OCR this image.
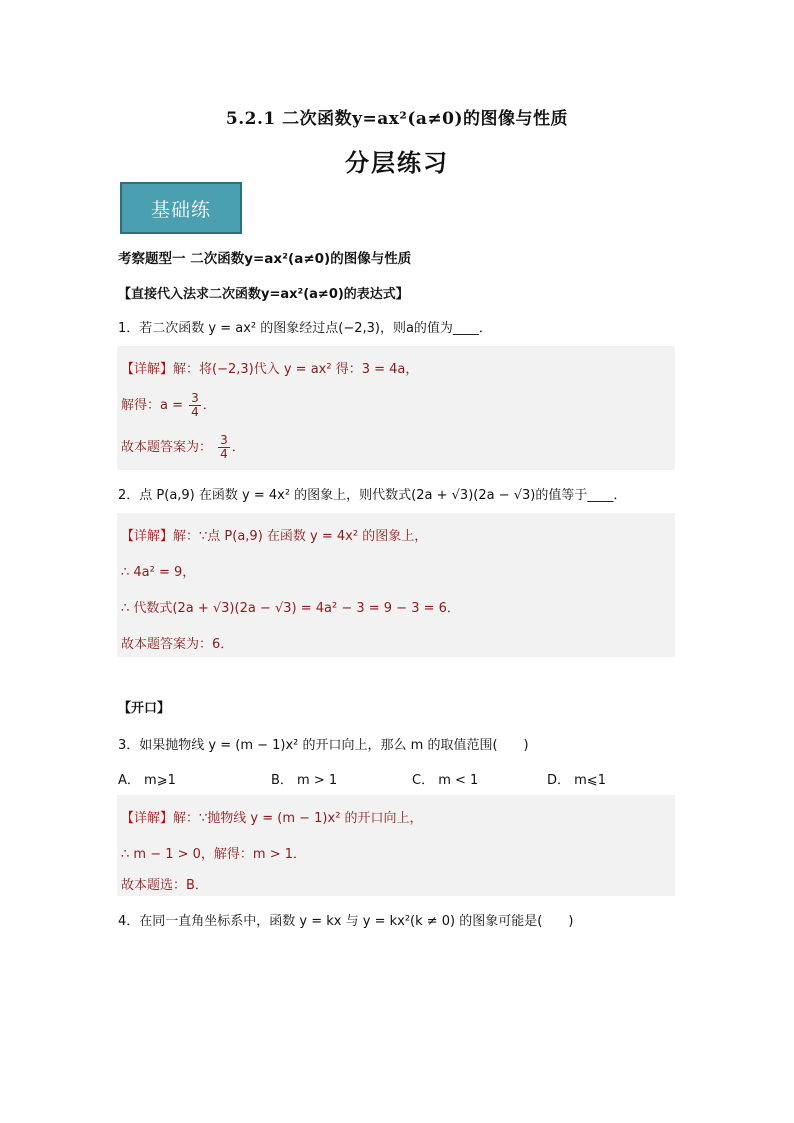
5.2.1 二次函数y=ax²(a≠0)的图像与性质
分层练习
基础练
考察题型一 二次函数y=ax²(a≠0)的图像与性质
【直接代入法求二次函数y=ax²(a≠0)的表达式】
1．若二次函数 y = ax² 的图象经过点(−2,3)，则a的值为____．
【详解】解：将(−2,3)代入 y = ax² 得：3 = 4a，
解得：$a = \frac{3}{4}$ ．
故本题答案为： $\frac{3}{4}$ ．
2．点 P(a,9) 在函数 y = 4x² 的图象上，则代数式(2a + √3)(2a − √3)的值等于____．
【详解】解：∵点 P(a,9) 在函数 y = 4x² 的图象上，
∴ 4a² = 9，
∴ 代数式(2a + √3)(2a − √3) = 4a² − 3 = 9 − 3 = 6．
故本题答案为：6．
【开口】
3．如果抛物线 y = (m − 1)x² 的开口向上，那么 m 的取值范围(　　)
A． m⩾1	B． m > 1	C． m < 1	D． m⩽1
【详解】解：∵抛物线 y = (m − 1)x² 的开口向上，
∴ m − 1 > 0，解得：m > 1．
故本题选：B．
4．在同一直角坐标系中，函数 y = kx 与 y = kx²(k ≠ 0) 的图象可能是(　　)
